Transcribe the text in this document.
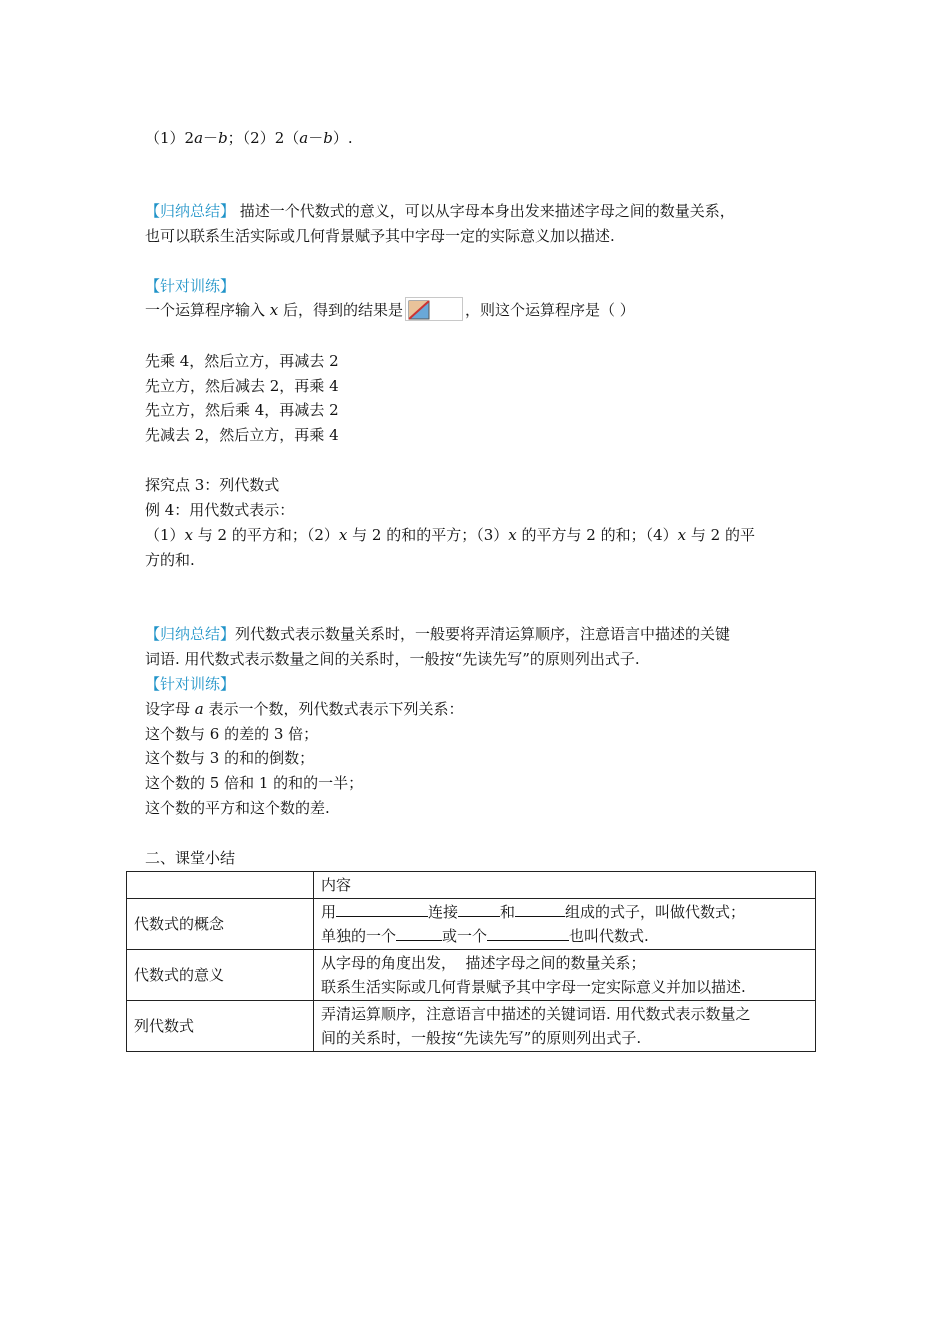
（1）2a－b；（2）2（a－b）.
【归纳总结】 描述一个代数式的意义，可以从字母本身出发来描述字母之间的数量关系，
也可以联系生活实际或几何背景赋予其中字母一定的实际意义加以描述.
【针对训练】
一个运算程序输入 x 后，得到的结果是	，则这个运算程序是（ ）
先乘 4，然后立方，再减去 2
先立方，然后减去 2，再乘 4
先立方，然后乘 4，再减去 2
先减去 2，然后立方，再乘 4
探究点 3：列代数式
例 4：用代数式表示：
（1）x 与 2 的平方和；（2）x 与 2 的和的平方；（3）x 的平方与 2 的和；（4）x 与 2 的平
方的和.
【归纳总结】列代数式表示数量关系时，一般要将弄清运算顺序，注意语言中描述的关键
词语. 用代数式表示数量之间的关系时，一般按“先读先写”的原则列出式子.
【针对训练】
设字母 a 表示一个数，列代数式表示下列关系：
这个数与 6 的差的 3 倍；
这个数与 3 的和的倒数；
这个数的 5 倍和 1 的和的一半；
这个数的平方和这个数的差.
二、课堂小结
	内容
代数式的概念	用 连接 和 组成的式子，叫做代数式；
单独的一个 或一个 也叫代数式.
代数式的意义	从字母的角度出发，  描述字母之间的数量关系；
联系生活实际或几何背景赋予其中字母一定实际意义并加以描述.
列代数式	弄清运算顺序，注意语言中描述的关键词语. 用代数式表示数量之
间的关系时，一般按“先读先写”的原则列出式子.
